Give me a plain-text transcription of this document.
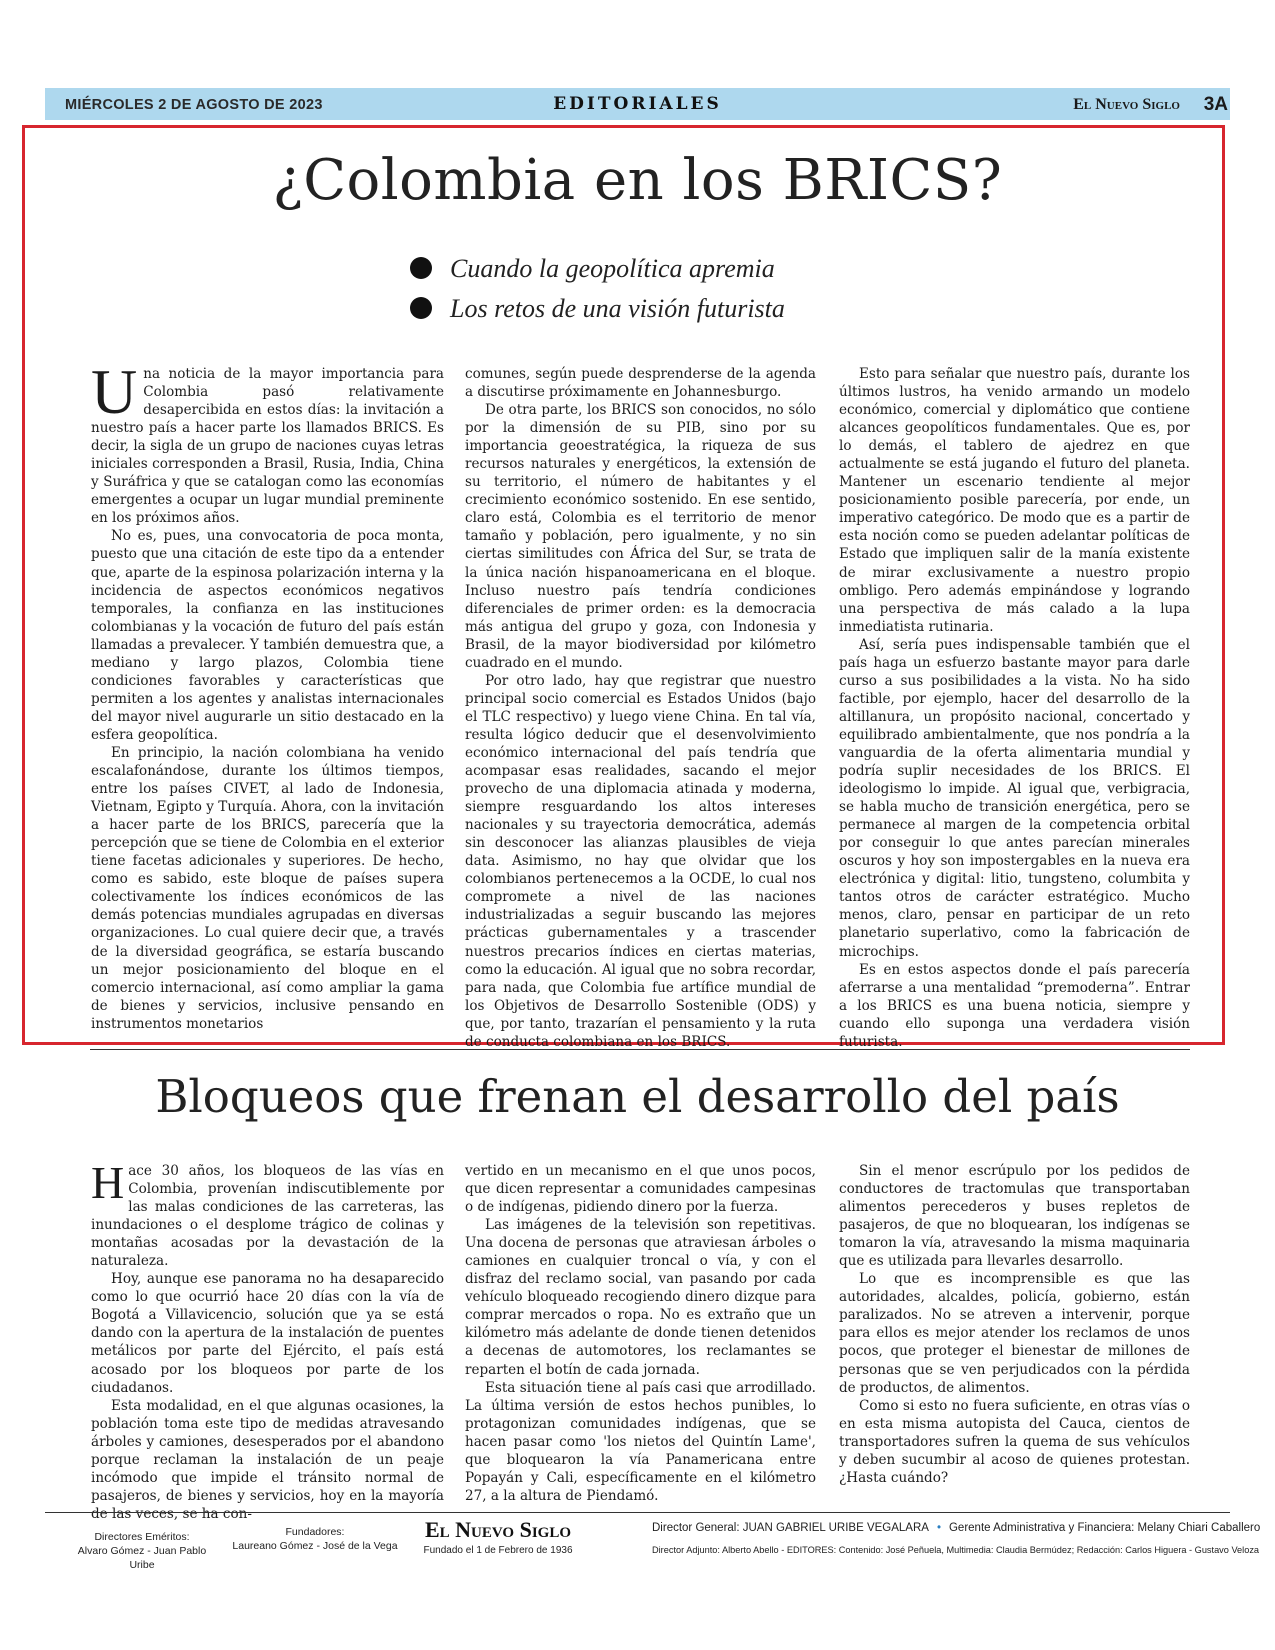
MIÉRCOLES 2 DE AGOSTO DE 2023	EDITORIALES	El Nuevo Siglo 3A
¿Colombia en los BRICS?
Cuando la geopolítica apremia
Los retos de una visión futurista

Una noticia de la mayor importancia para Colombia pasó relativamente desapercibida en estos días: la invitación a nuestro país a hacer parte los llamados BRICS. Es decir, la sigla de un grupo de naciones cuyas letras iniciales corresponden a Brasil, Rusia, India, China y Suráfrica y que se catalogan como las economías emergentes a ocupar un lugar mundial preminente en los próximos años.

No es, pues, una convocatoria de poca monta, puesto que una citación de este tipo da a entender que, aparte de la espinosa polarización interna y la incidencia de aspectos económicos negativos temporales, la confianza en las instituciones colombianas y la vocación de futuro del país están llamadas a prevalecer. Y también demuestra que, a mediano y largo plazos, Colombia tiene condiciones favorables y características que permiten a los agentes y analistas internacionales del mayor nivel augurarle un sitio destacado en la esfera geopolítica.

En principio, la nación colombiana ha venido escalafonándose, durante los últimos tiempos, entre los países CIVET, al lado de Indonesia, Vietnam, Egipto y Turquía. Ahora, con la invitación a hacer parte de los BRICS, parecería que la percepción que se tiene de Colombia en el exterior tiene facetas adicionales y superiores. De hecho, como es sabido, este bloque de países supera colectivamente los índices económicos de las demás potencias mundiales agrupadas en diversas organizaciones. Lo cual quiere decir que, a través de la diversidad geográfica, se estaría buscando un mejor posicionamiento del bloque en el comercio internacional, así como ampliar la gama de bienes y servicios, inclusive pensando en instrumentos monetarios

comunes, según puede desprenderse de la agenda a discutirse próximamente en Johannesburgo.

De otra parte, los BRICS son conocidos, no sólo por la dimensión de su PIB, sino por su importancia geoestratégica, la riqueza de sus recursos naturales y energéticos, la extensión de su territorio, el número de habitantes y el crecimiento económico sostenido. En ese sentido, claro está, Colombia es el territorio de menor tamaño y población, pero igualmente, y no sin ciertas similitudes con África del Sur, se trata de la única nación hispanoamericana en el bloque. Incluso nuestro país tendría condiciones diferenciales de primer orden: es la democracia más antigua del grupo y goza, con Indonesia y Brasil, de la mayor biodiversidad por kilómetro cuadrado en el mundo.

Por otro lado, hay que registrar que nuestro principal socio comercial es Estados Unidos (bajo el TLC respectivo) y luego viene China. En tal vía, resulta lógico deducir que el desenvolvimiento económico internacional del país tendría que acompasar esas realidades, sacando el mejor provecho de una diplomacia atinada y moderna, siempre resguardando los altos intereses nacionales y su trayectoria democrática, además sin desconocer las alianzas plausibles de vieja data. Asimismo, no hay que olvidar que los colombianos pertenecemos a la OCDE, lo cual nos compromete a nivel de las naciones industrializadas a seguir buscando las mejores prácticas gubernamentales y a trascender nuestros precarios índices en ciertas materias, como la educación. Al igual que no sobra recordar, para nada, que Colombia fue artífice mundial de los Objetivos de Desarrollo Sostenible (ODS) y que, por tanto, trazarían el pensamiento y la ruta de conducta colombiana en los BRICS.

Esto para señalar que nuestro país, durante los últimos lustros, ha venido armando un modelo económico, comercial y diplomático que contiene alcances geopolíticos fundamentales. Que es, por lo demás, el tablero de ajedrez en que actualmente se está jugando el futuro del planeta. Mantener un escenario tendiente al mejor posicionamiento posible parecería, por ende, un imperativo categórico. De modo que es a partir de esta noción como se pueden adelantar políticas de Estado que impliquen salir de la manía existente de mirar exclusivamente a nuestro propio ombligo. Pero además empinándose y logrando una perspectiva de más calado a la lupa inmediatista rutinaria.

Así, sería pues indispensable también que el país haga un esfuerzo bastante mayor para darle curso a sus posibilidades a la vista. No ha sido factible, por ejemplo, hacer del desarrollo de la altillanura, un propósito nacional, concertado y equilibrado ambientalmente, que nos pondría a la vanguardia de la oferta alimentaria mundial y podría suplir necesidades de los BRICS. El ideologismo lo impide. Al igual que, verbigracia, se habla mucho de transición energética, pero se permanece al margen de la competencia orbital por conseguir lo que antes parecían minerales oscuros y hoy son impostergables en la nueva era electrónica y digital: litio, tungsteno, columbita y tantos otros de carácter estratégico. Mucho menos, claro, pensar en participar de un reto planetario superlativo, como la fabricación de microchips.

Es en estos aspectos donde el país parecería aferrarse a una mentalidad “premoderna”. Entrar a los BRICS es una buena noticia, siempre y cuando ello suponga una verdadera visión futurista.

Bloqueos que frenan el desarrollo del país

Hace 30 años, los bloqueos de las vías en Colombia, provenían indiscutiblemente por las malas condiciones de las carreteras, las inundaciones o el desplome trágico de colinas y montañas acosadas por la devastación de la naturaleza.

Hoy, aunque ese panorama no ha desaparecido como lo que ocurrió hace 20 días con la vía de Bogotá a Villavicencio, solución que ya se está dando con la apertura de la instalación de puentes metálicos por parte del Ejército, el país está acosado por los bloqueos por parte de los ciudadanos.

Esta modalidad, en el que algunas ocasiones, la población toma este tipo de medidas atravesando árboles y camiones, desesperados por el abandono porque reclaman la instalación de un peaje incómodo que impide el tránsito normal de pasajeros, de bienes y servicios, hoy en la mayoría de las veces, se ha con-

vertido en un mecanismo en el que unos pocos, que dicen representar a comunidades campesinas o de indígenas, pidiendo dinero por la fuerza.

Las imágenes de la televisión son repetitivas. Una docena de personas que atraviesan árboles o camiones en cualquier troncal o vía, y con el disfraz del reclamo social, van pasando por cada vehículo bloqueado recogiendo dinero dizque para comprar mercados o ropa. No es extraño que un kilómetro más adelante de donde tienen detenidos a decenas de automotores, los reclamantes se reparten el botín de cada jornada.

Esta situación tiene al país casi que arrodillado. La última versión de estos hechos punibles, lo protagonizan comunidades indígenas, que se hacen pasar como 'los nietos del Quintín Lame', que bloquearon la vía Panamericana entre Popayán y Cali, específicamente en el kilómetro 27, a la altura de Piendamó.

Sin el menor escrúpulo por los pedidos de conductores de tractomulas que transportaban alimentos perecederos y buses repletos de pasajeros, de que no bloquearan, los indígenas se tomaron la vía, atravesando la misma maquinaria que es utilizada para llevarles desarrollo.

Lo que es incomprensible es que las autoridades, alcaldes, policía, gobierno, están paralizados. No se atreven a intervenir, porque para ellos es mejor atender los reclamos de unos pocos, que proteger el bienestar de millones de personas que se ven perjudicados con la pérdida de productos, de alimentos.

Como si esto no fuera suficiente, en otras vías o en esta misma autopista del Cauca, cientos de transportadores sufren la quema de sus vehículos y deben sucumbir al acoso de quienes protestan. ¿Hasta cuándo?

Directores Eméritos:
Alvaro Gómez - Juan Pablo Uribe
Fundadores:
Laureano Gómez - José de la Vega
El Nuevo Siglo
Fundado el 1 de Febrero de 1936
Director General: JUAN GABRIEL URIBE VEGALARA • Gerente Administrativa y Financiera: Melany Chiari Caballero
Director Adjunto: Alberto Abello - EDITORES: Contenido: José Peñuela, Multimedia: Claudia Bermúdez; Redacción: Carlos Higuera - Gustavo Veloza
